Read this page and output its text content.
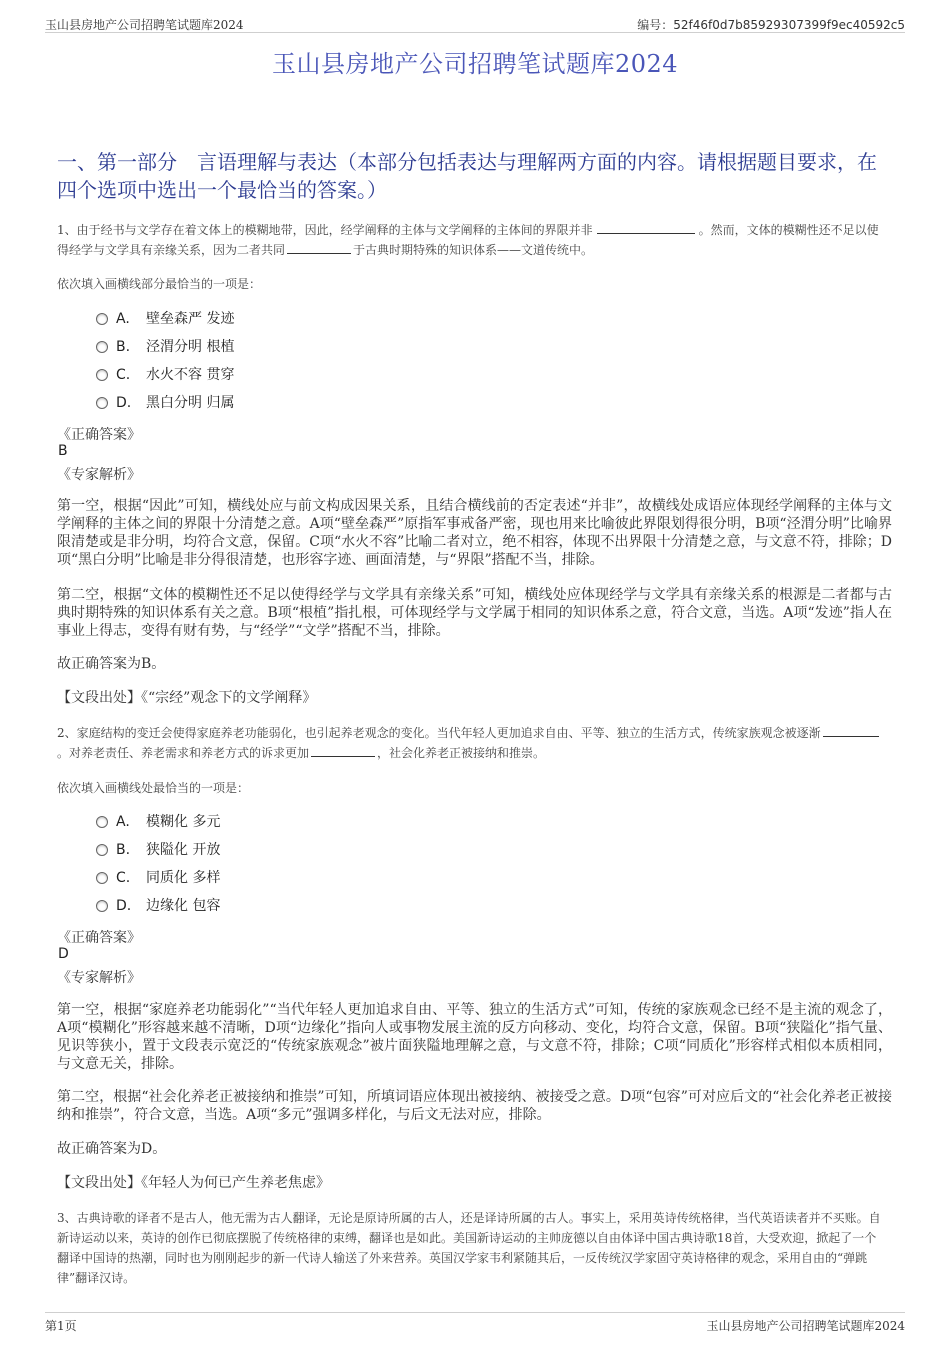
玉山县房地产公司招聘笔试题库2024	编号：52f46f0d7b85929307399f9ec40592c5
玉山县房地产公司招聘笔试题库2024
一、第一部分　言语理解与表达（本部分包括表达与理解两方面的内容。请根据题目要求，在四个选项中选出一个最恰当的答案。）
1、由于经书与文学存在着文体上的模糊地带，因此，经学阐释的主体与文学阐释的主体间的界限并非	。然而，文体的模糊性还不足以使得经学与文学具有亲缘关系，因为二者共同	于古典时期特殊的知识体系——文道传统中。
依次填入画横线部分最恰当的一项是：
A. 壁垒森严 发迹
B. 泾渭分明 根植
C. 水火不容 贯穿
D. 黑白分明 归属
《正确答案》
B
《专家解析》
第一空，根据“因此”可知，横线处应与前文构成因果关系，且结合横线前的否定表述“并非”，故横线处成语应体现经学阐释的主体与文学阐释的主体之间的界限十分清楚之意。A项“壁垒森严”原指军事戒备严密，现也用来比喻彼此界限划得很分明，B项“泾渭分明”比喻界限清楚或是非分明，均符合文意，保留。C项“水火不容”比喻二者对立，绝不相容，体现不出界限十分清楚之意，与文意不符，排除；D项“黑白分明”比喻是非分得很清楚，也形容字迹、画面清楚，与“界限”搭配不当，排除。
第二空，根据“文体的模糊性还不足以使得经学与文学具有亲缘关系”可知，横线处应体现经学与文学具有亲缘关系的根源是二者都与古典时期特殊的知识体系有关之意。B项“根植”指扎根，可体现经学与文学属于相同的知识体系之意，符合文意，当选。A项“发迹”指人在事业上得志，变得有财有势，与“经学”“文学”搭配不当，排除。
故正确答案为B。
【文段出处】《“宗经”观念下的文学阐释》
2、家庭结构的变迁会使得家庭养老功能弱化，也引起养老观念的变化。当代年轻人更加追求自由、平等、独立的生活方式，传统家族观念被逐渐。对养老责任、养老需求和养老方式的诉求更加	，社会化养老正被接纳和推崇。
依次填入画横线处最恰当的一项是：
A. 模糊化 多元
B. 狭隘化 开放
C. 同质化 多样
D. 边缘化 包容
《正确答案》
D
《专家解析》
第一空，根据“家庭养老功能弱化”“当代年轻人更加追求自由、平等、独立的生活方式”可知，传统的家族观念已经不是主流的观念了，A项“模糊化”形容越来越不清晰，D项“边缘化”指向人或事物发展主流的反方向移动、变化，均符合文意，保留。B项“狭隘化”指气量、见识等狭小，置于文段表示宽泛的“传统家族观念”被片面狭隘地理解之意，与文意不符，排除；C项“同质化”形容样式相似本质相同，与文意无关，排除。
第二空，根据“社会化养老正被接纳和推崇”可知，所填词语应体现出被接纳、被接受之意。D项“包容”可对应后文的“社会化养老正被接纳和推崇”，符合文意，当选。A项“多元”强调多样化，与后文无法对应，排除。
故正确答案为D。
【文段出处】《年轻人为何已产生养老焦虑》
3、古典诗歌的译者不是古人，他无需为古人翻译，无论是原诗所属的古人，还是译诗所属的古人。事实上，采用英诗传统格律，当代英语读者并不买账。自新诗运动以来，英诗的创作已彻底摆脱了传统格律的束缚，翻译也是如此。美国新诗运动的主帅庞德以自由体译中国古典诗歌18首，大受欢迎，掀起了一个翻译中国诗的热潮，同时也为刚刚起步的新一代诗人输送了外来营养。英国汉学家韦利紧随其后，一反传统汉学家固守英诗格律的观念，采用自由的“弹跳律”翻译汉诗。
第1页	玉山县房地产公司招聘笔试题库2024
